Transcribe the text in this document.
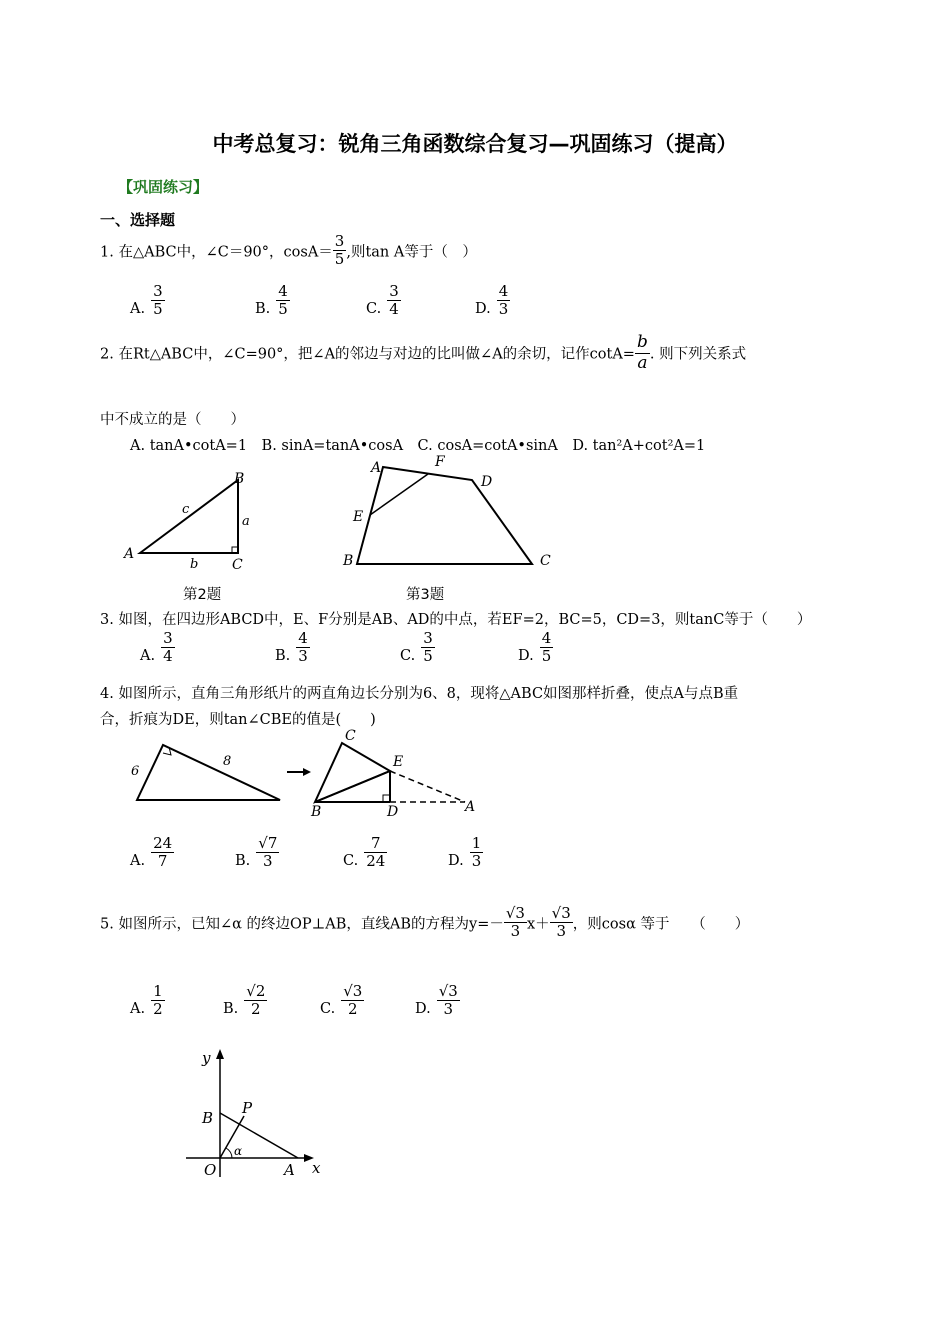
中考总复习：锐角三角函数综合复习—巩固练习（提高）
【巩固练习】
一、选择题
1. 在△ABC中，∠C＝90°，$\cos A= \frac{3}{5}$ ,则tan A等于（　）
A. $\frac{3}{5}$	B. $\frac{4}{5}$	C. $\frac{3}{4}$	D. $\frac{4}{3}$
2. 在Rt△ABC中，∠C=90°，把∠A的邻边与对边的比叫做∠A的余切，记作$\cot A= \frac{b}{a}$ . 则下列关系式
中不成立的是（　　）
A. tanA•cotA=1　B. sinA=tanA•cosA　C. cosA=cotA•sinA　D. tan²A+cot²A=1
A
B
C
a
b
c
第2题
A	F
D
E
B	C
第3题
3. 如图，在四边形ABCD中，E、F分别是AB、AD的中点，若EF=2，BC=5，CD=3，则tanC等于（　　）
A. $\frac{3}{4}$	B. $\frac{4}{3}$	C. $\frac{3}{5}$	D. $\frac{4}{5}$
4. 如图所示，直角三角形纸片的两直角边长分别为6、8，现将△ABC如图那样折叠，使点A与点B重
合，折痕为DE，则tan∠CBE的值是(　　)
6
8
C
E
B	D	A
A. $\frac{24}{7}$	B. $\frac{√7}{3}$	C. $\frac{7}{24}$	D. $\frac{1}{3}$
5. 如图所示，已知∠α 的终边OP⊥AB，直线AB的方程为$y=- \frac{√3}{3} x+ \frac{√3}{3}$ ，则cosα 等于　　（　　）
A. $\frac{1}{2}$	B. $\frac{√2}{2}$	C. $\frac{√3}{2}$	D. $\frac{√3}{3}$
y
x
O	A
B
P
α
